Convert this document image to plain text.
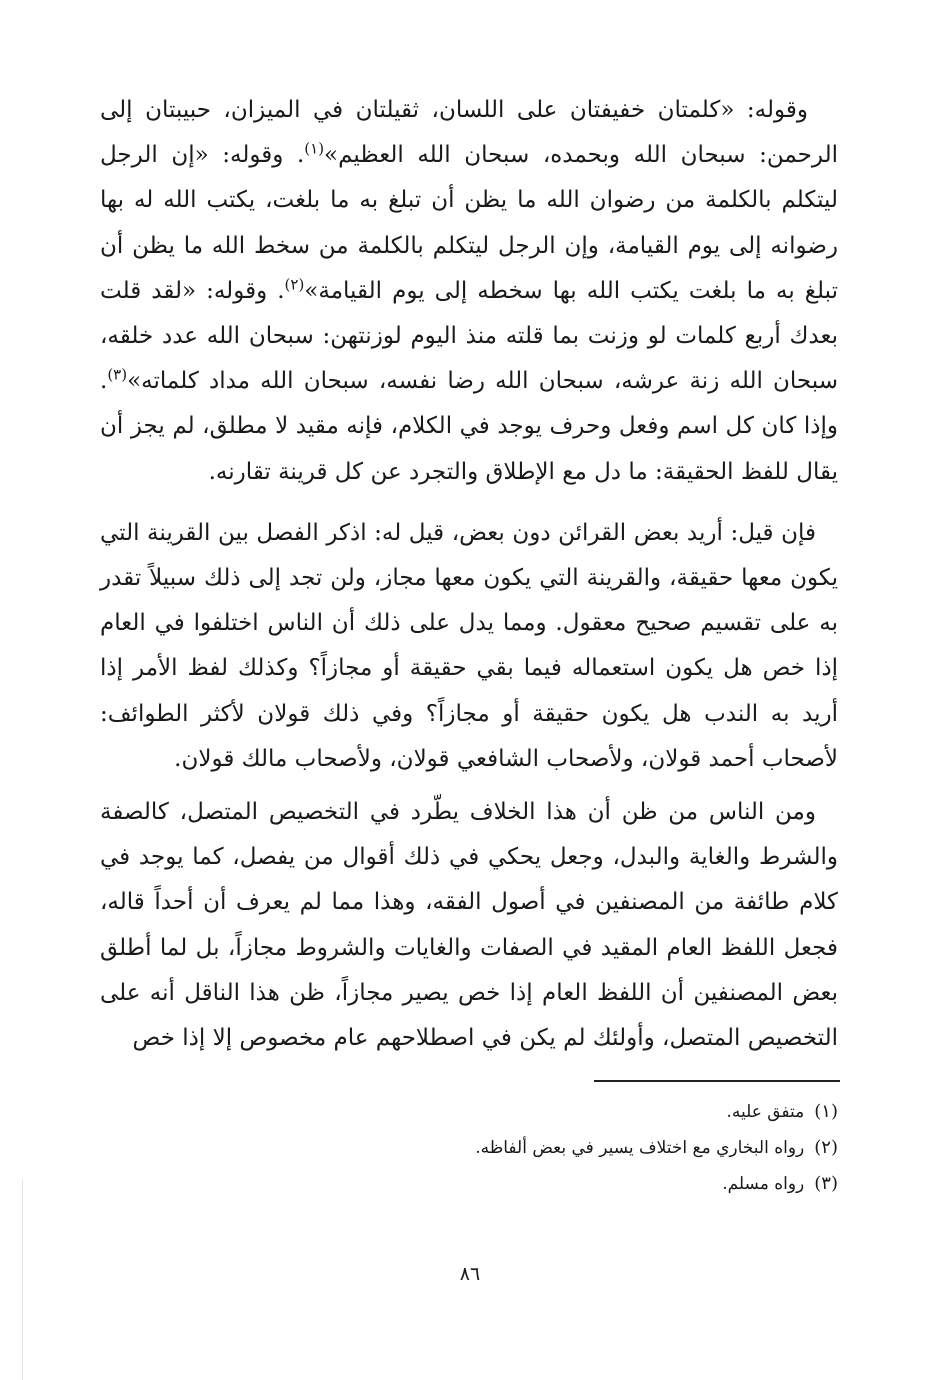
وقوله: «كلمتان خفيفتان على اللسان، ثقيلتان في الميزان، حبيبتان إلى الرحمن: سبحان الله وبحمده، سبحان الله العظيم»$^{(١)}$. وقوله: «إن الرجل ليتكلم بالكلمة من رضوان الله ما يظن أن تبلغ به ما بلغت، يكتب الله له بها رضوانه إلى يوم القيامة، وإن الرجل ليتكلم بالكلمة من سخط الله ما يظن أن تبلغ به ما بلغت يكتب الله بها سخطه إلى يوم القيامة»$^{(٢)}$. وقوله: «لقد قلت بعدك أربع كلمات لو وزنت بما قلته منذ اليوم لوزنتهن: سبحان الله عدد خلقه، سبحان الله زنة عرشه، سبحان الله رضا نفسه، سبحان الله مداد كلماته»$^{(٣)}$. وإذا كان كل اسم وفعل وحرف يوجد في الكلام، فإنه مقيد لا مطلق، لم يجز أن يقال للفظ الحقيقة: ما دل مع الإطلاق والتجرد عن كل قرينة تقارنه.

فإن قيل: أريد بعض القرائن دون بعض، قيل له: اذكر الفصل بين القرينة التي يكون معها حقيقة، والقرينة التي يكون معها مجاز، ولن تجد إلى ذلك سبيلاً تقدر به على تقسيم صحيح معقول. ومما يدل على ذلك أن الناس اختلفوا في العام إذا خص هل يكون استعماله فيما بقي حقيقة أو مجازاً؟ وكذلك لفظ الأمر إذا أريد به الندب هل يكون حقيقة أو مجازاً؟ وفي ذلك قولان لأكثر الطوائف: لأصحاب أحمد قولان، ولأصحاب الشافعي قولان، ولأصحاب مالك قولان.

ومن الناس من ظن أن هذا الخلاف يطّرد في التخصيص المتصل، كالصفة والشرط والغاية والبدل، وجعل يحكي في ذلك أقوال من يفصل، كما يوجد في كلام طائفة من المصنفين في أصول الفقه، وهذا مما لم يعرف أن أحداً قاله، فجعل اللفظ العام المقيد في الصفات والغايات والشروط مجازاً، بل لما أطلق بعض المصنفين أن اللفظ العام إذا خص يصير مجازاً، ظن هذا الناقل أنه على التخصيص المتصل، وأولئك لم يكن في اصطلاحهم عام مخصوص إلا إذا خص

(١)
متفق عليه.
(٢)
رواه البخاري مع اختلاف يسير في بعض ألفاظه.
(٣)
رواه مسلم.
٨٦
